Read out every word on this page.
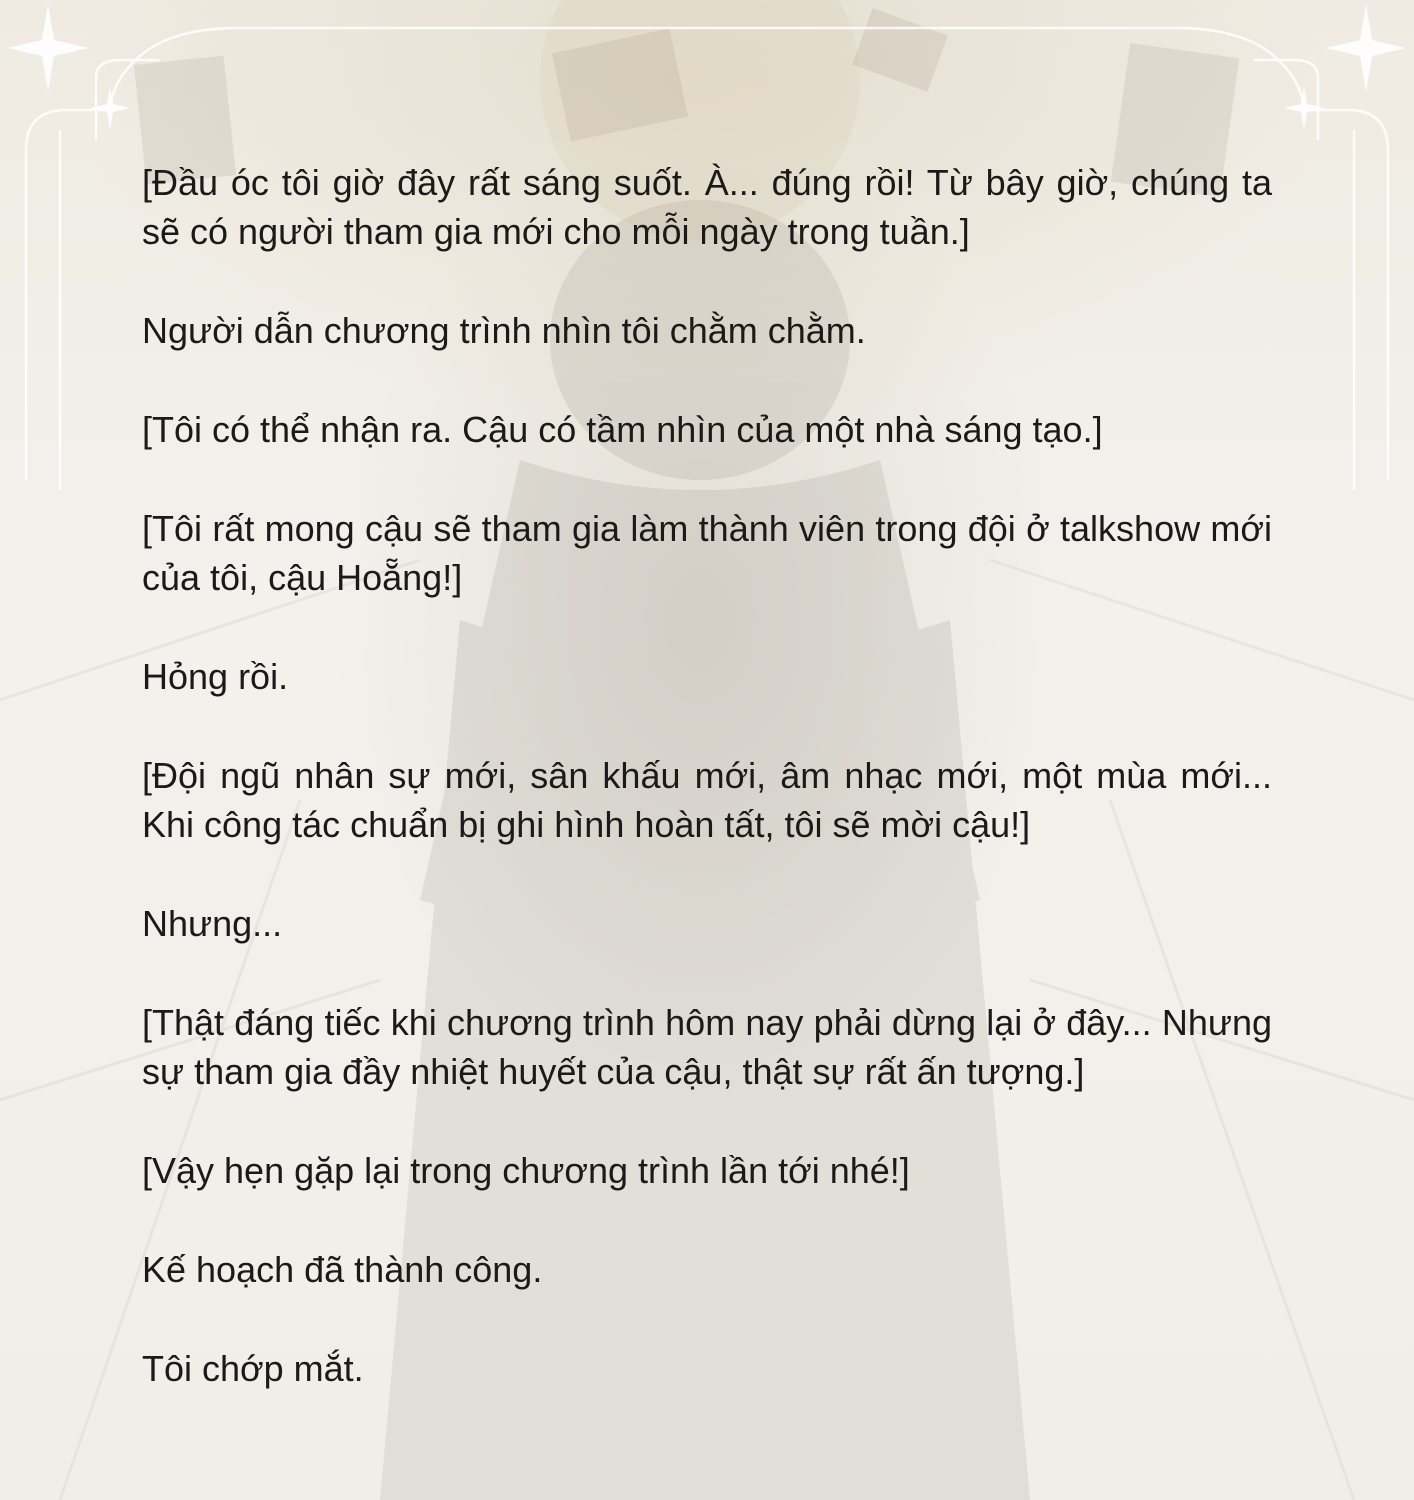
[Đầu óc tôi giờ đây rất sáng suốt. À... đúng rồi! Từ bây giờ, chúng ta sẽ có người tham gia mới cho mỗi ngày trong tuần.]

Người dẫn chương trình nhìn tôi chằm chằm.

[Tôi có thể nhận ra. Cậu có tầm nhìn của một nhà sáng tạo.]

[Tôi rất mong cậu sẽ tham gia làm thành viên trong đội ở talkshow mới của tôi, cậu Hoẵng!]

Hỏng rồi.

[Đội ngũ nhân sự mới, sân khấu mới, âm nhạc mới, một mùa mới... Khi công tác chuẩn bị ghi hình hoàn tất, tôi sẽ mời cậu!]

Nhưng...

[Thật đáng tiếc khi chương trình hôm nay phải dừng lại ở đây... Nhưng sự tham gia đầy nhiệt huyết của cậu, thật sự rất ấn tượng.]

[Vậy hẹn gặp lại trong chương trình lần tới nhé!]

Kế hoạch đã thành công.

Tôi chớp mắt.
